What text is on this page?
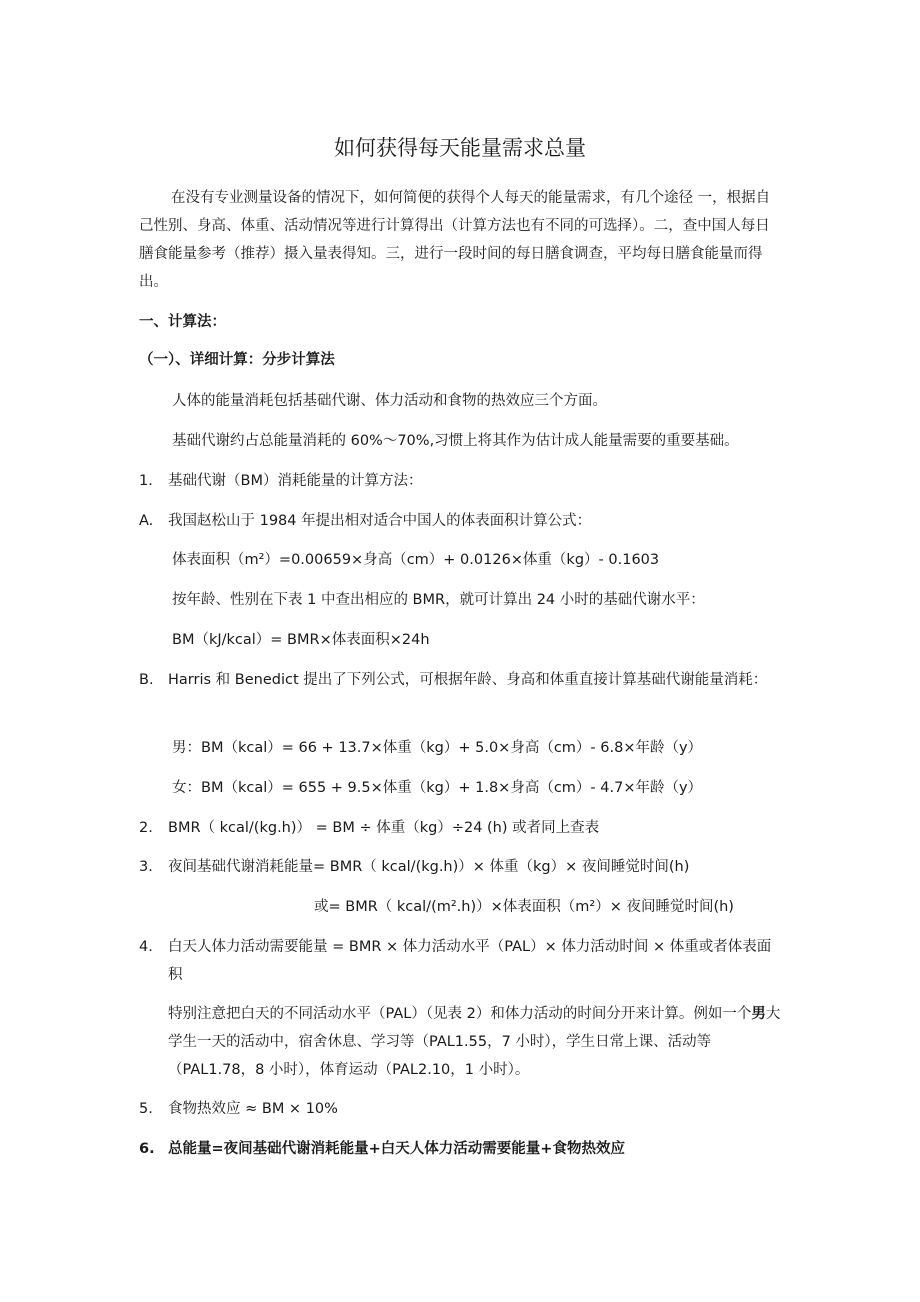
如何获得每天能量需求总量

在没有专业测量设备的情况下，如何简便的获得个人每天的能量需求，有几个途径 一，根据自己性别、身高、体重、活动情况等进行计算得出（计算方法也有不同的可选择）。二，查中国人每日膳食能量参考（推荐）摄入量表得知。三，进行一段时间的每日膳食调查，平均每日膳食能量而得出。

一、计算法：

（一）、详细计算：分步计算法

人体的能量消耗包括基础代谢、体力活动和食物的热效应三个方面。

基础代谢约占总能量消耗的 60%～70%,习惯上将其作为估计成人能量需要的重要基础。

1. 基础代谢（BM）消耗能量的计算方法：

A. 我国赵松山于 1984 年提出相对适合中国人的体表面积计算公式：

体表面积（m²）=0.00659×身高（cm）+ 0.0126×体重（kg）- 0.1603

按年龄、性别在下表 1 中查出相应的 BMR，就可计算出 24 小时的基础代谢水平：

BM（kJ/kcal）= BMR×体表面积×24h

B. Harris 和 Benedict 提出了下列公式，可根据年龄、身高和体重直接计算基础代谢能量消耗：

男：BM（kcal）= 66 + 13.7×体重（kg）+ 5.0×身高（cm）- 6.8×年龄（y）

女：BM（kcal）= 655 + 9.5×体重（kg）+ 1.8×身高（cm）- 4.7×年龄（y）

2. BMR（ kcal/(kg.h)） = BM ÷ 体重（kg）÷24 (h) 或者同上查表

3. 夜间基础代谢消耗能量= BMR（ kcal/(kg.h)）× 体重（kg）× 夜间睡觉时间(h)

或= BMR（ kcal/(m².h)）×体表面积（m²）× 夜间睡觉时间(h)

4. 白天人体力活动需要能量 = BMR × 体力活动水平（PAL）× 体力活动时间 × 体重或者体表面积

特别注意把白天的不同活动水平（PAL）（见表 2）和体力活动的时间分开来计算。例如一个男大学生一天的活动中，宿舍休息、学习等（PAL1.55，7 小时），学生日常上课、活动等（PAL1.78，8 小时），体育运动（PAL2.10，1 小时）。

5. 食物热效应 ≈ BM × 10%

6. 总能量=夜间基础代谢消耗能量+白天人体力活动需要能量+食物热效应
